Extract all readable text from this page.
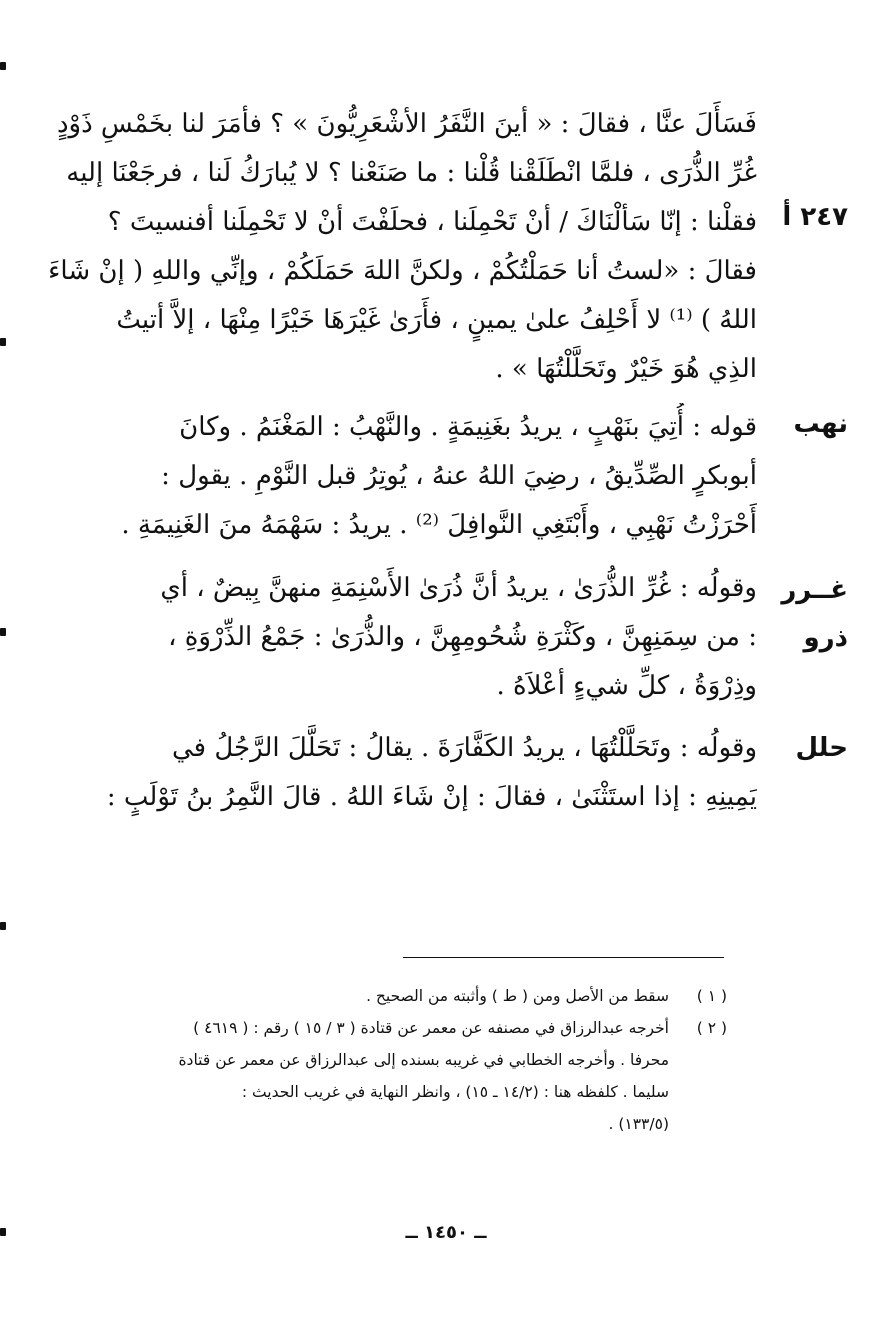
٢٤٧ أ
فَسَأَلَ عنَّا ، فقالَ : « أينَ النَّفَرُ الأشْعَرِيُّونَ » ؟ فأمَرَ لنا بخَمْسِ ذَوْدٍ
غُرِّ الذُّرَى ، فلمَّا انْطَلَقْنا قُلْنا : ما صَنَعْنا ؟ لا يُبارَكُ لَنا ، فرجَعْنَا إليه
فقلْنا : إنّا سَألْنَاكَ / أنْ تَحْمِلَنا ، فحلَفْتَ أنْ لا تَحْمِلَنا أفنسيتَ ؟
فقالَ : «لستُ أنا حَمَلْتُكُمْ ، ولكنَّ اللهَ حَمَلَكُمْ ، وإنِّي واللهِ ( إنْ شَاءَ
اللهُ ) ⁽¹⁾ لا أَحْلِفُ علىٰ يمينٍ ، فأَرَىٰ غَيْرَهَا خَيْرًا مِنْهَا ، إلاَّ أتيتُ
الذِي هُوَ خَيْرٌ وتَحَلَّلْتُهَا » .
نهب
قوله : أُتِيَ بنَهْبٍ ، يريدُ بغَنِيمَةٍ . والنَّهْبُ : المَغْنَمُ . وكانَ
أبوبكرٍ الصِّدِّيقُ ، رضِيَ اللهُ عنهُ ، يُوتِرُ قبل النَّوْمِ . يقول :
أَحْرَزْتُ نَهْبِي ، وأَبْتَغِي النَّوافِلَ ⁽²⁾ . يريدُ : سَهْمَهُ منَ الغَنِيمَةِ .
غــرر
ذرو
وقولُه : غُرِّ الذُّرَىٰ ، يريدُ أنَّ ذُرَىٰ الأَسْنِمَةِ منهنَّ بِيضٌ ، أي
: من سِمَنِهِنَّ ، وكَثْرَةِ شُحُومِهِنَّ ، والذُّرَىٰ : جَمْعُ الذِّرْوَةِ ،
وذِرْوَةُ ، كلِّ شيءٍ أعْلاَهُ .
حلل
وقولُه : وتَحَلَّلْتُهَا ، يريدُ الكَفَّارَةَ . يقالُ : تَحَلَّلَ الرَّجُلُ في
يَمِينِهِ : إذا استَثْنَىٰ ، فقالَ : إنْ شَاءَ اللهُ . قالَ النَّمِرُ بنُ تَوْلَبٍ :
( ١ )
سقط من الأصل ومن ( ط ) وأثبته من الصحيح .
( ٢ )
أخرجه عبدالرزاق في مصنفه عن معمر عن قتادة ( ٣ / ١٥ ) رقم : ( ٤٦١٩ )
محرفا . وأخرجه الخطابي في غريبه بسنده إلى عبدالرزاق عن معمر عن قتادة
سليما . كلفظه هنا : (١٤/٢ ـ ١٥) ، وانظر النهاية في غريب الحديث :
(١٣٣/٥) .
ــ ١٤٥٠ ــ
